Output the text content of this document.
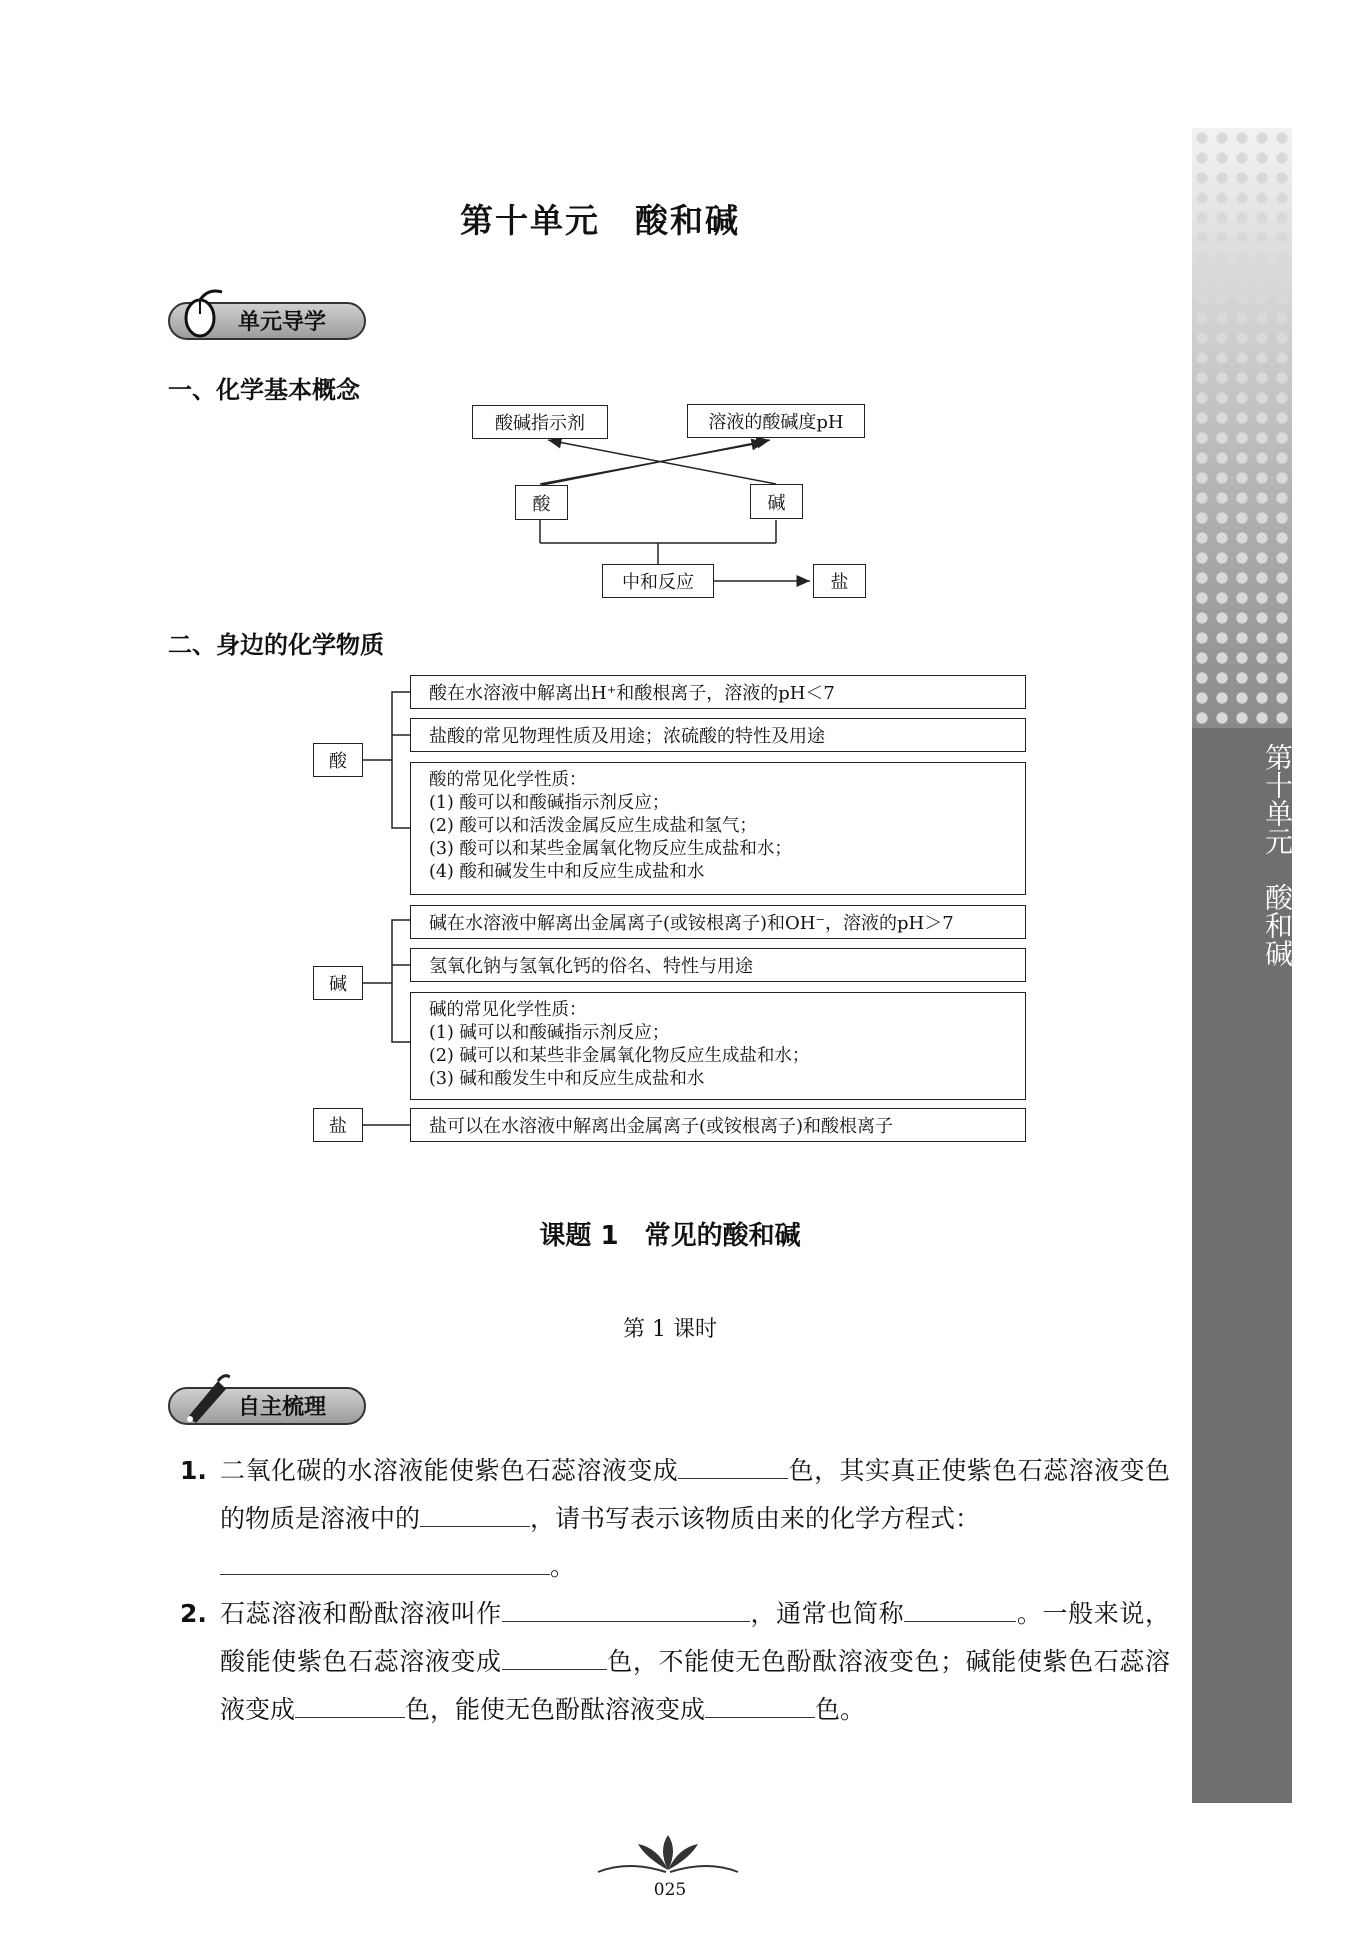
第十单元　酸和碱
单元导学
一、化学基本概念
酸碱指示剂	溶液的酸碱度pH
酸	碱
中和反应	盐
二、身边的化学物质
酸
酸在水溶液中解离出H⁺和酸根离子，溶液的pH＜7
盐酸的常见物理性质及用途；浓硫酸的特性及用途
酸的常见化学性质：
(1) 酸可以和酸碱指示剂反应；
(2) 酸可以和活泼金属反应生成盐和氢气；
(3) 酸可以和某些金属氧化物反应生成盐和水；
(4) 酸和碱发生中和反应生成盐和水
碱
碱在水溶液中解离出金属离子(或铵根离子)和OH⁻，溶液的pH＞7
氢氧化钠与氢氧化钙的俗名、特性与用途
碱的常见化学性质：
(1) 碱可以和酸碱指示剂反应；
(2) 碱可以和某些非金属氧化物反应生成盐和水；
(3) 碱和酸发生中和反应生成盐和水
盐	盐可以在水溶液中解离出金属离子(或铵根离子)和酸根离子
课题 1　常见的酸和碱
第 1 课时
自主梳理
1. 二氧化碳的水溶液能使紫色石蕊溶液变成	色，其实真正使紫色石蕊溶液变色的物质是溶液中的	，请书写表示该物质由来的化学方程式：
。
2. 石蕊溶液和酚酞溶液叫作	，通常也简称	。一般来说，酸能使紫色石蕊溶液变成	色，不能使无色酚酞溶液变色；碱能使紫色石蕊溶液变成	色，能使无色酚酞溶液变成	色。
第十单元　酸和碱
025
